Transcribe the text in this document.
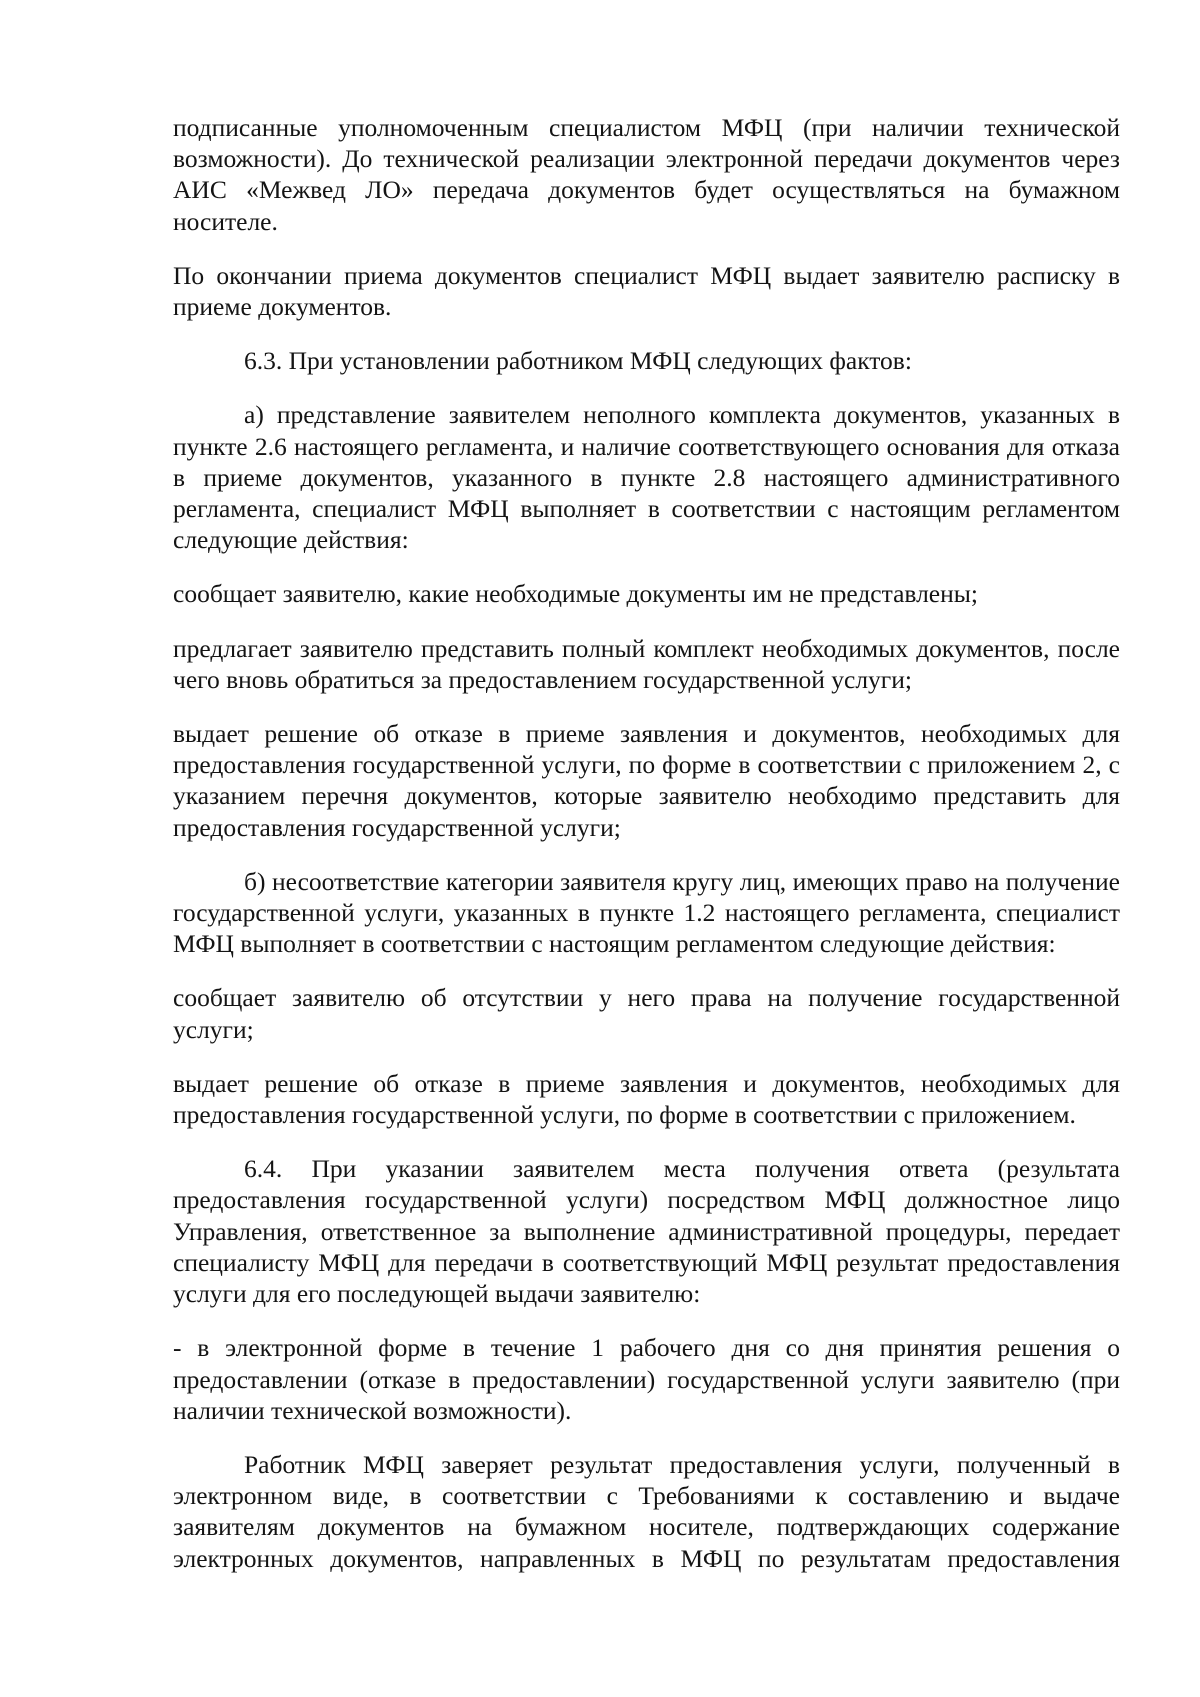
подписанные уполномоченным специалистом МФЦ (при наличии технической возможности). До технической реализации электронной передачи документов через АИС «Межвед ЛО» передача документов будет осуществляться на бумажном носителе.

По окончании приема документов специалист МФЦ выдает заявителю расписку в приеме документов.

6.3. При установлении работником МФЦ следующих фактов:

а) представление заявителем неполного комплекта документов, указанных в пункте 2.6 настоящего регламента, и наличие соответствующего основания для отказа в приеме документов, указанного в пункте 2.8 настоящего административного регламента, специалист МФЦ выполняет в соответствии с настоящим регламентом следующие действия:

сообщает заявителю, какие необходимые документы им не представлены;

предлагает заявителю представить полный комплект необходимых документов, после чего вновь обратиться за предоставлением государственной услуги;

выдает решение об отказе в приеме заявления и документов, необходимых для предоставления государственной услуги, по форме в соответствии с приложением 2, с указанием перечня документов, которые заявителю необходимо представить для предоставления государственной услуги;

б) несоответствие категории заявителя кругу лиц, имеющих право на получение государственной услуги, указанных в пункте 1.2 настоящего регламента, специалист МФЦ выполняет в соответствии с настоящим регламентом следующие действия:

сообщает заявителю об отсутствии у него права на получение государственной услуги;

выдает решение об отказе в приеме заявления и документов, необходимых для предоставления государственной услуги, по форме в соответствии с приложением.

6.4. При указании заявителем места получения ответа (результата предоставления государственной услуги) посредством МФЦ должностное лицо Управления, ответственное за выполнение административной процедуры, передает специалисту МФЦ для передачи в соответствующий МФЦ результат предоставления услуги для его последующей выдачи заявителю:

- в электронной форме в течение 1 рабочего дня со дня принятия решения о предоставлении (отказе в предоставлении) государственной услуги заявителю (при наличии технической возможности).

Работник МФЦ заверяет результат предоставления услуги, полученный в электронном виде, в соответствии с Требованиями к составлению и выдаче заявителям документов на бумажном носителе, подтверждающих содержание электронных документов, направленных в МФЦ по результатам предоставления
